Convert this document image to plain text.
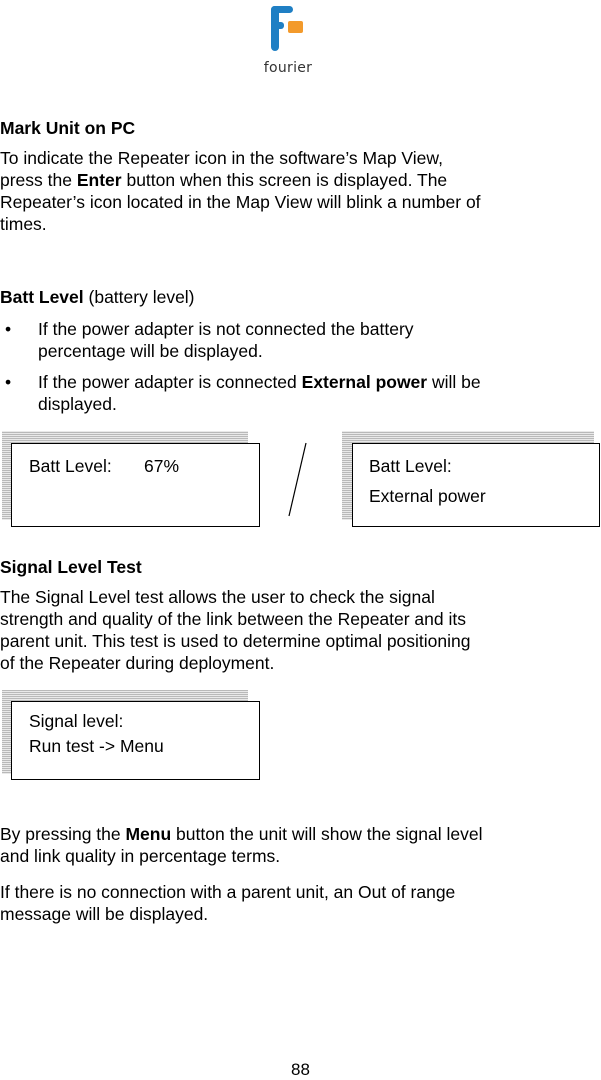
fourier
Mark Unit on PC
To indicate the Repeater icon in the software’s Map View,
press the Enter button when this screen is displayed. The
Repeater’s icon located in the Map View will blink a number of
times.
Batt Level (battery level)
• If the power adapter is not connected the battery
percentage will be displayed.
• If the power adapter is connected External power will be
displayed.
Batt Level: 67%	Batt Level:
External power
Signal Level Test
The Signal Level test allows the user to check the signal
strength and quality of the link between the Repeater and its
parent unit. This test is used to determine optimal positioning
of the Repeater during deployment.
Signal level:
Run test -> Menu
By pressing the Menu button the unit will show the signal level
and link quality in percentage terms.
If there is no connection with a parent unit, an Out of range
message will be displayed.
88
